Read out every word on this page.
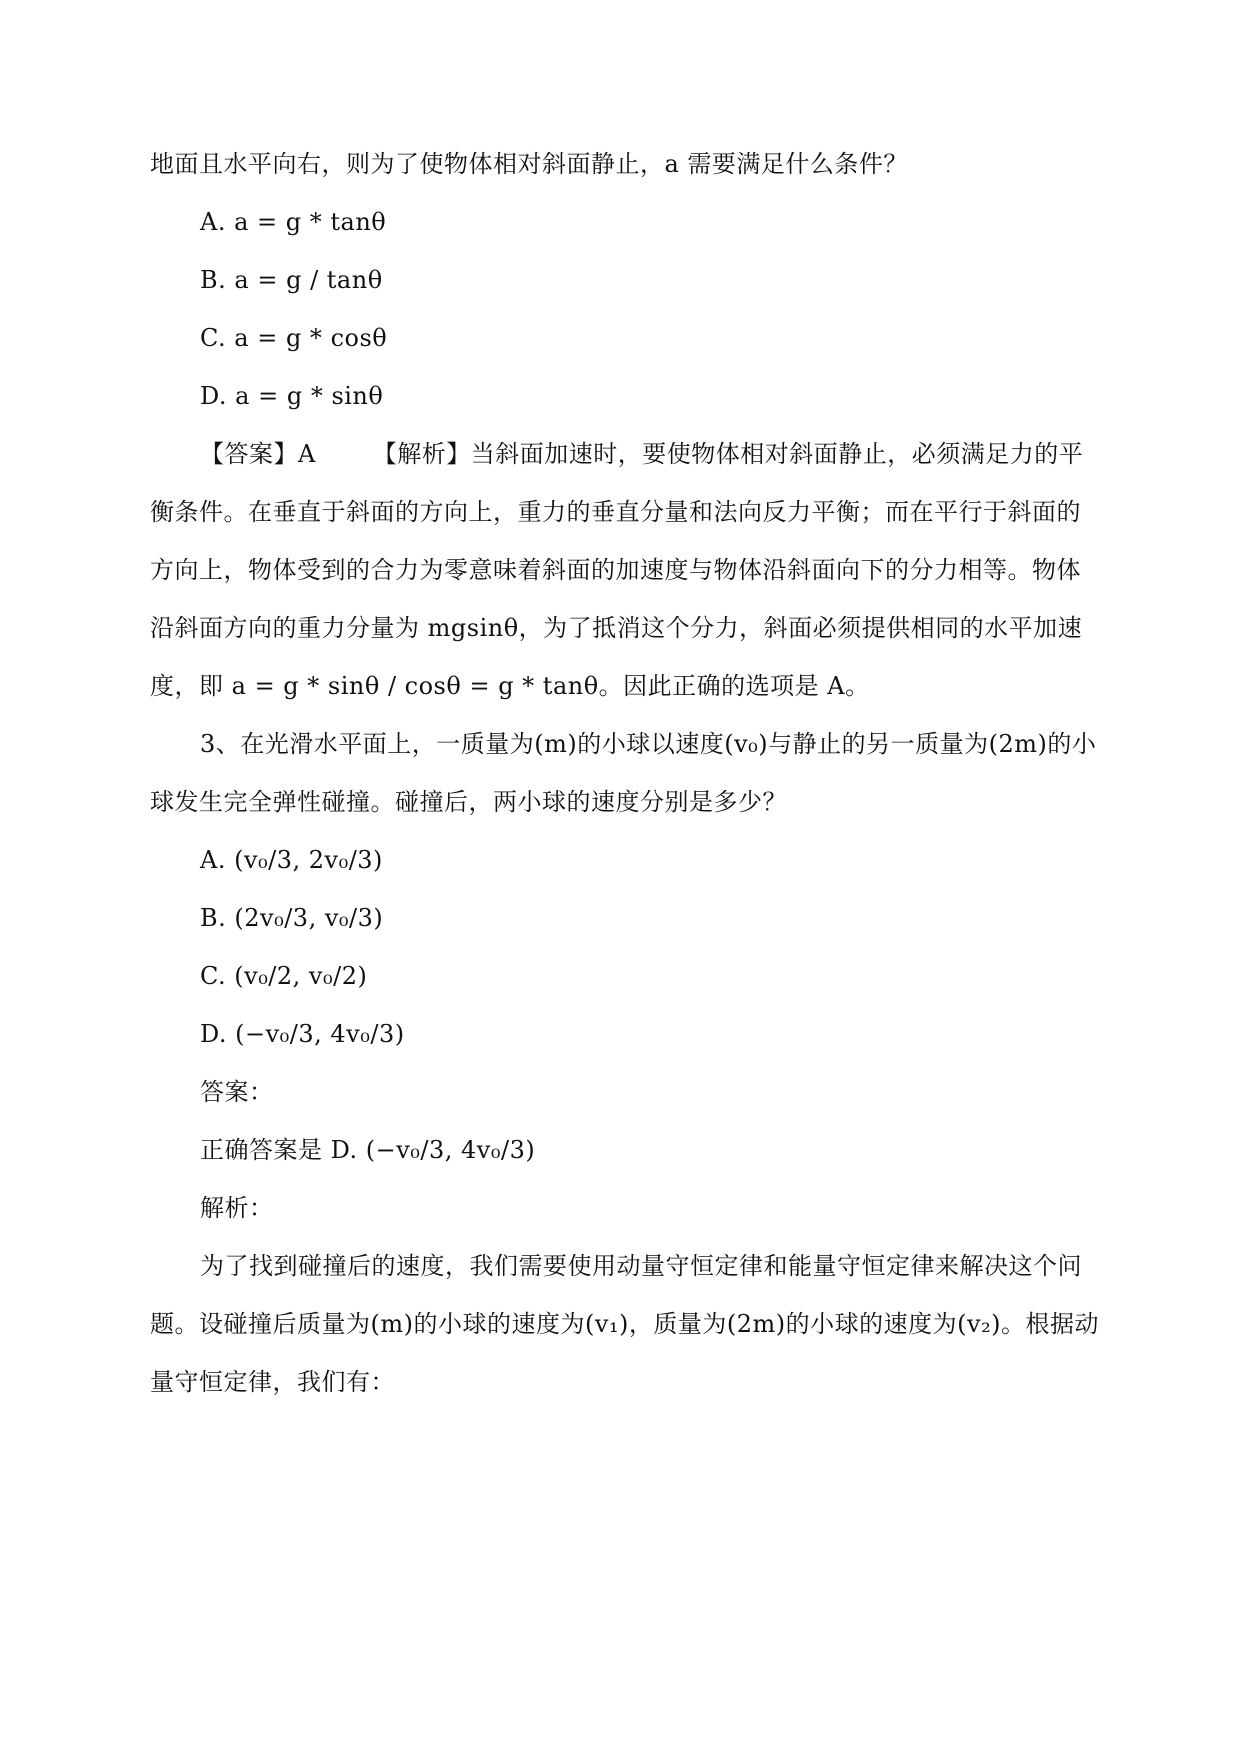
地面且水平向右，则为了使物体相对斜面静止，a 需要满足什么条件？
A. a = g * tanθ
B. a = g / tanθ
C. a = g * cosθ
D. a = g * sinθ
【答案】A       【解析】当斜面加速时，要使物体相对斜面静止，必须满足力的平
衡条件。在垂直于斜面的方向上，重力的垂直分量和法向反力平衡；而在平行于斜面的
方向上，物体受到的合力为零意味着斜面的加速度与物体沿斜面向下的分力相等。物体
沿斜面方向的重力分量为 mgsinθ，为了抵消这个分力，斜面必须提供相同的水平加速
度，即 a = g * sinθ / cosθ = g * tanθ。因此正确的选项是 A。
3、在光滑水平面上，一质量为(m)的小球以速度(v₀)与静止的另一质量为(2m)的小
球发生完全弹性碰撞。碰撞后，两小球的速度分别是多少？
A. (v₀/3, 2v₀/3)
B. (2v₀/3, v₀/3)
C. (v₀/2, v₀/2)
D. (−v₀/3, 4v₀/3)
答案：
正确答案是 D. (−v₀/3, 4v₀/3)
解析：
为了找到碰撞后的速度，我们需要使用动量守恒定律和能量守恒定律来解决这个问
题。设碰撞后质量为(m)的小球的速度为(v₁)，质量为(2m)的小球的速度为(v₂)。根据动
量守恒定律，我们有：
